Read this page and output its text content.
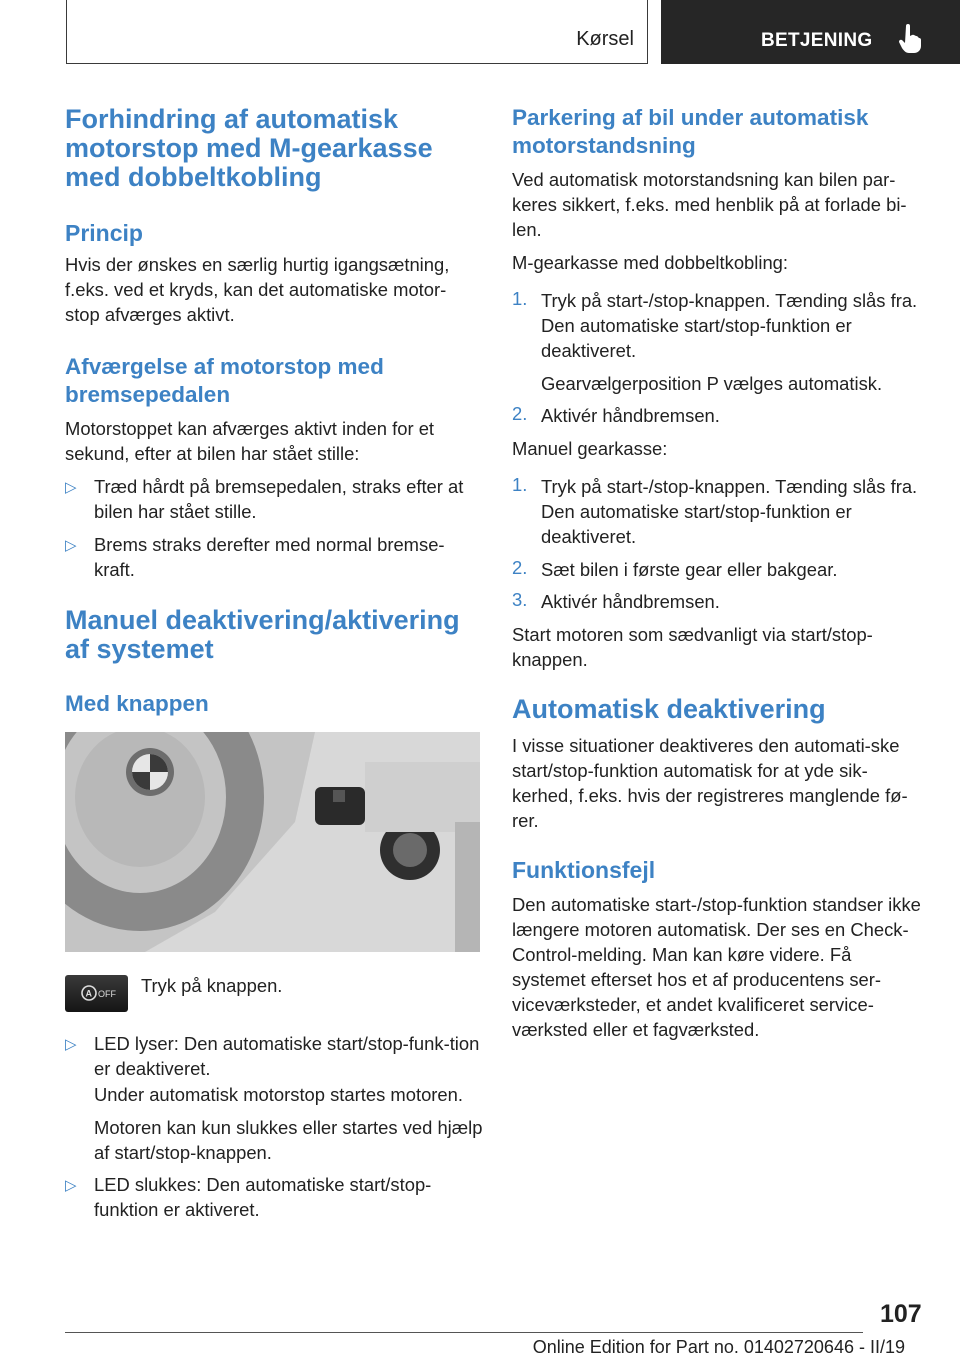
Kørsel	BETJENING
Forhindring af automatisk motorstop med M-gearkasse med dobbeltkobling
Princip

Hvis der ønskes en særlig hurtig igangsætning, f.eks. ved et kryds, kan det automatiske motor-stop afværges aktivt.

Afværgelse af motorstop med bremsepedalen

Motorstoppet kan afværges aktivt inden for et sekund, efter at bilen har stået stille:

▷ Træd hårdt på bremsepedalen, straks efter at bilen har stået stille.

▷ Brems straks derefter med normal bremse-kraft.

Manuel deaktivering/aktivering af systemet
Med knappen
A OFF Tryk på knappen.

▷ LED lyser: Den automatiske start/stop-funk-tion er deaktiveret.

Under automatisk motorstop startes motoren.

Motoren kan kun slukkes eller startes ved hjælp af start/stop-knappen.

▷ LED slukkes: Den automatiske start/stop-funktion er aktiveret.

Parkering af bil under automatisk motorstandsning

Ved automatisk motorstandsning kan bilen par-keres sikkert, f.eks. med henblik på at forlade bi-len.

M-gearkasse med dobbeltkobling:

1. Tryk på start-/stop-knappen. Tænding slås fra. Den automatiske start/stop-funktion er deaktiveret.

Gearvælgerposition P vælges automatisk.

2. Aktivér håndbremsen.

Manuel gearkasse:

1. Tryk på start-/stop-knappen. Tænding slås fra. Den automatiske start/stop-funktion er deaktiveret.

2. Sæt bilen i første gear eller bakgear.

3. Aktivér håndbremsen.

Start motoren som sædvanligt via start/stop-knappen.

Automatisk deaktivering

I visse situationer deaktiveres den automati-ske start/stop-funktion automatisk for at yde sik-kerhed, f.eks. hvis der registreres manglende fø-rer.

Funktionsfejl

Den automatiske start-/stop-funktion standser ikke længere motoren automatisk. Der ses en Check-Control-melding. Man kan køre videre. Få systemet efterset hos et af producentens ser-viceværksteder, et andet kvalificeret service-værksted eller et fagværksted.

107
Online Edition for Part no. 01402720646 - II/19
